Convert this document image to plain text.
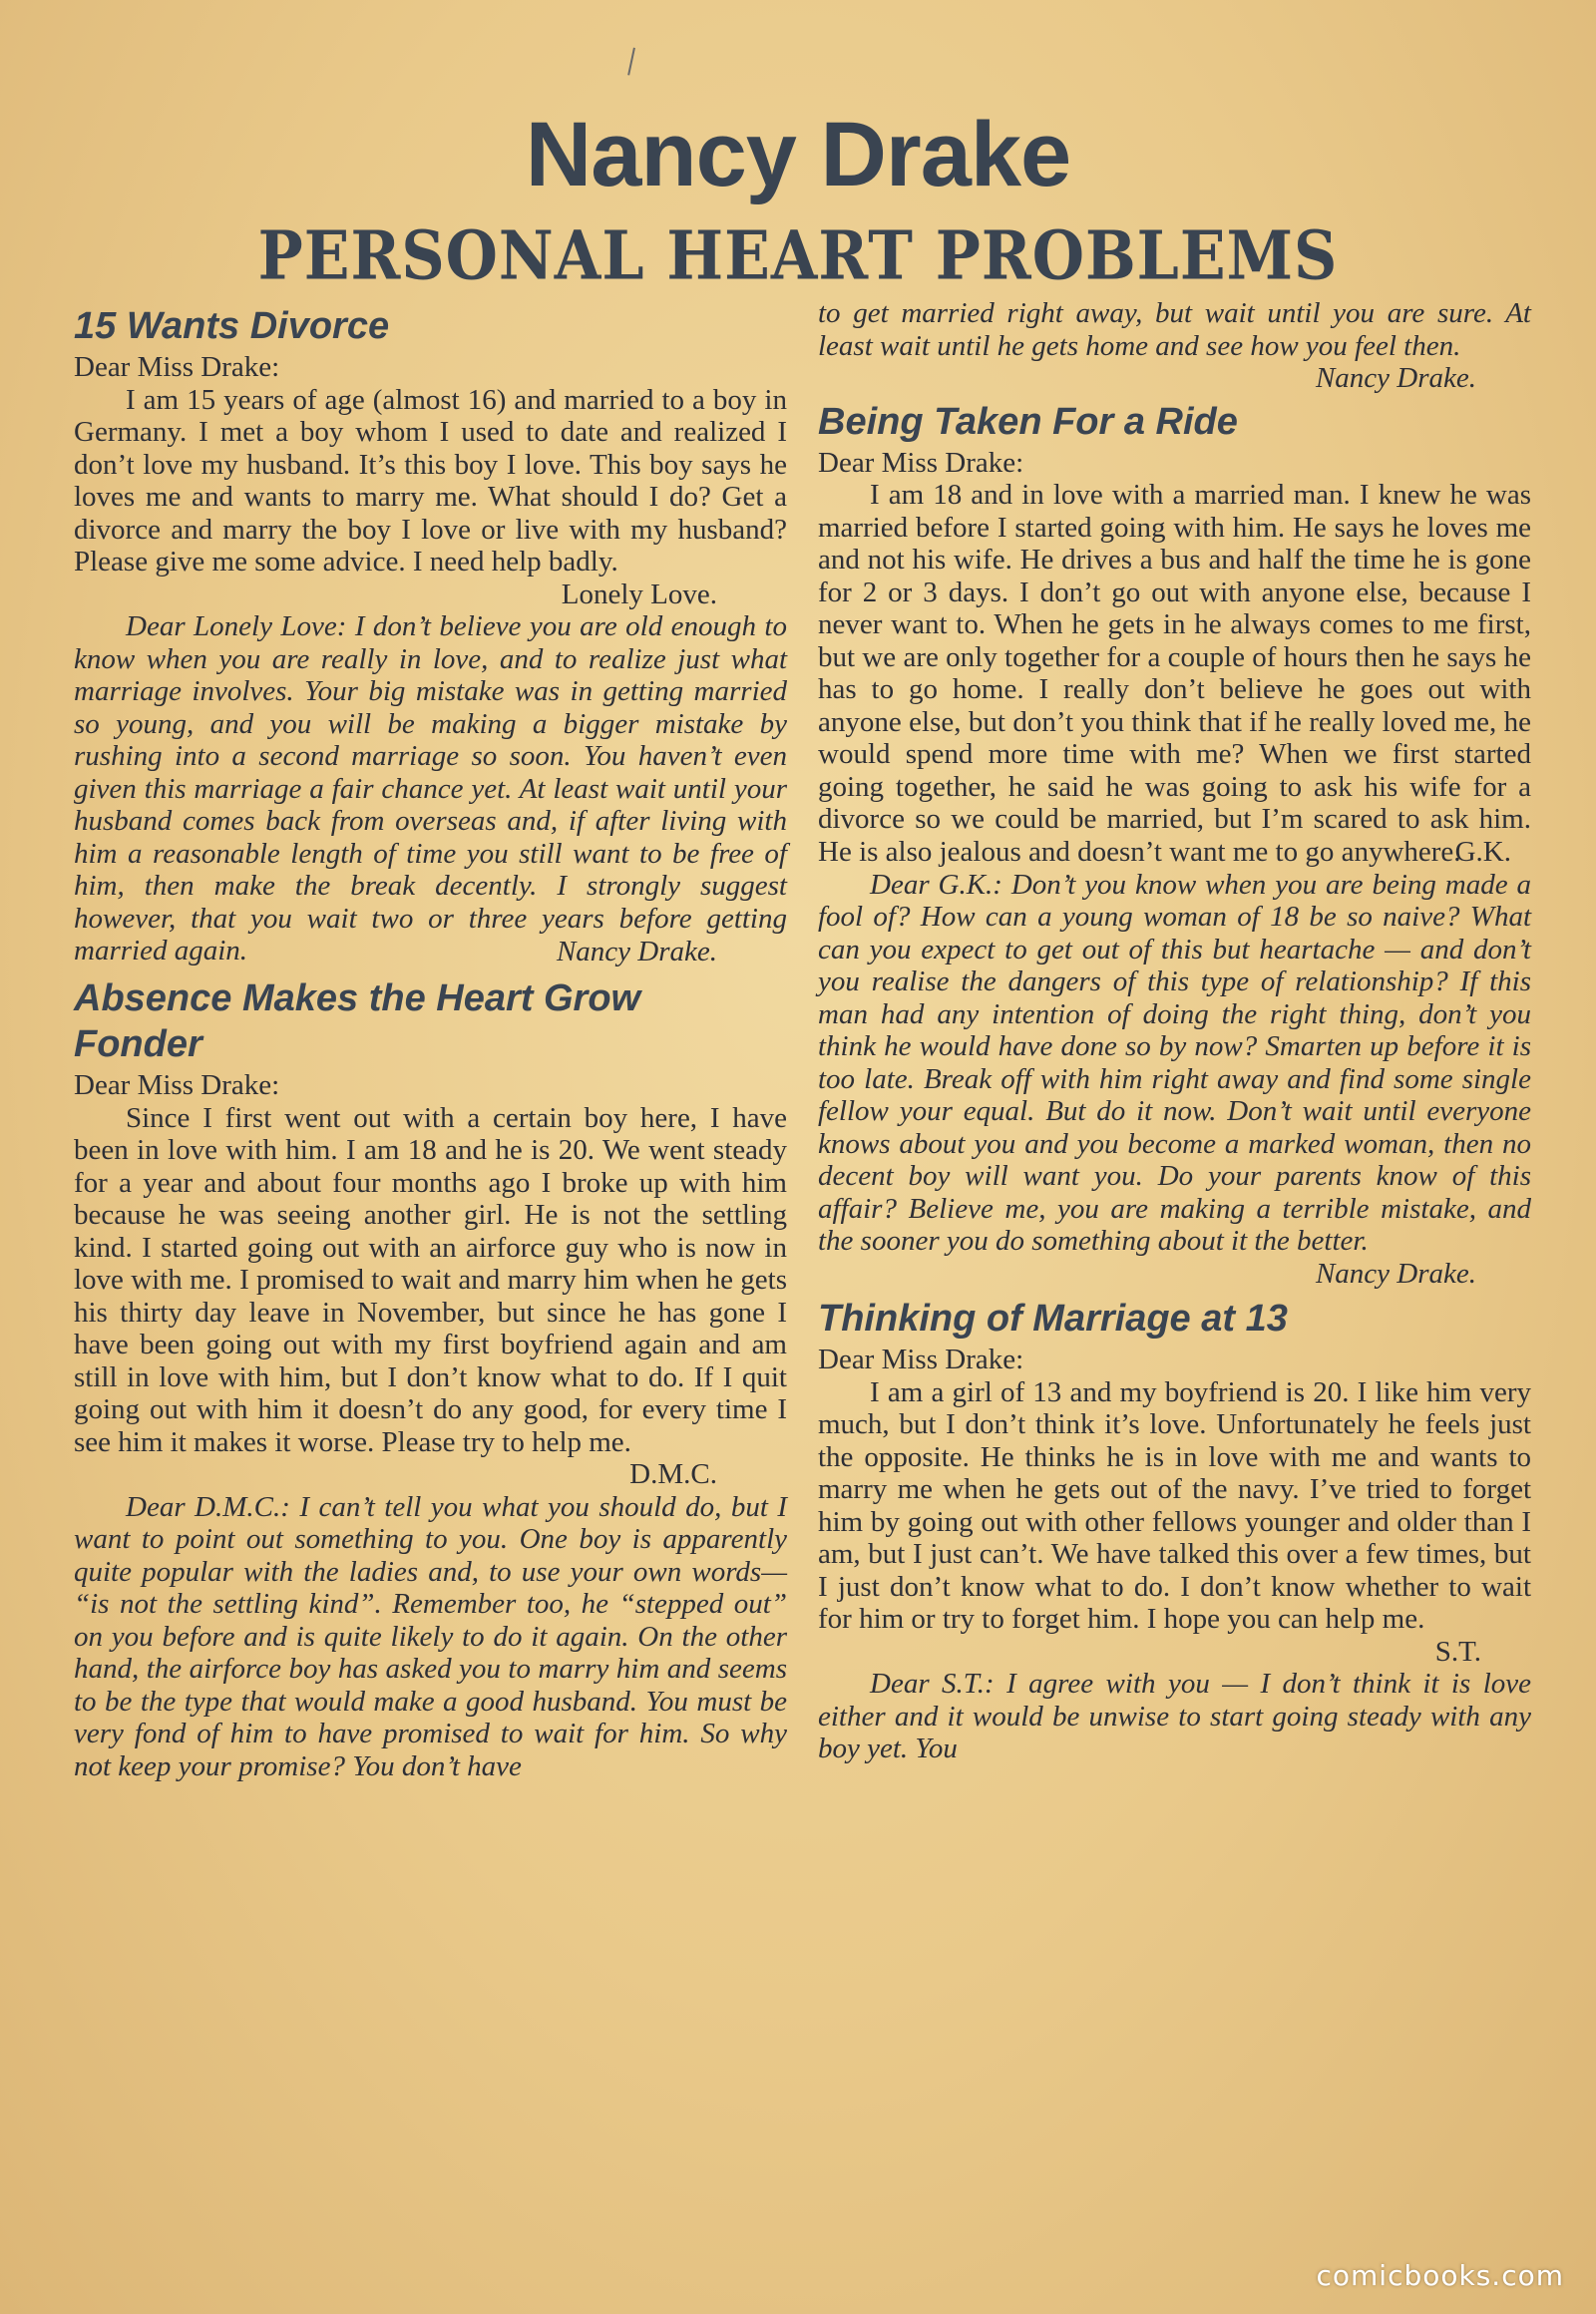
Nancy Drake
PERSONAL HEART PROBLEMS
15 Wants Divorce
Dear Miss Drake:

I am 15 years of age (almost 16) and married to a boy in Germany. I met a boy whom I used to date and realized I don’t love my husband. It’s this boy I love. This boy says he loves me and wants to marry me. What should I do? Get a divorce and marry the boy I love or live with my husband? Please give me some advice. I need help badly.

Lonely Love.

Dear Lonely Love: I don’t believe you are old enough to know when you are really in love, and to realize just what marriage involves. Your big mistake was in getting married so young, and you will be making a bigger mistake by rushing into a second marriage so soon. You haven’t even given this marriage a fair chance yet. At least wait until your husband comes back from overseas and, if after living with him a reasonable length of time you still want to be free of him, then make the break decently. I strongly suggest however, that you wait two or three years before getting married again.	Nancy Drake.
Absence Makes the Heart Grow Fonder
Dear Miss Drake:

Since I first went out with a certain boy here, I have been in love with him. I am 18 and he is 20. We went steady for a year and about four months ago I broke up with him because he was seeing another girl. He is not the settling kind. I started going out with an airforce guy who is now in love with me. I promised to wait and marry him when he gets his thirty day leave in November, but since he has gone I have been going out with my first boyfriend again and am still in love with him, but I don’t know what to do. If I quit going out with him it doesn’t do any good, for every time I see him it makes it worse. Please try to help me.

D.M.C.

Dear D.M.C.: I can’t tell you what you should do, but I want to point out something to you. One boy is apparently quite popular with the ladies and, to use your own words— “is not the settling kind”. Remember too, he “stepped out” on you before and is quite likely to do it again. On the other hand, the airforce boy has asked you to marry him and seems to be the type that would make a good husband. You must be very fond of him to have promised to wait for him. So why not keep your promise? You don’t have

to get married right away, but wait until you are sure. At least wait until he gets home and see how you feel then.

Nancy Drake.
Being Taken For a Ride
Dear Miss Drake:

I am 18 and in love with a married man. I knew he was married before I started going with him. He says he loves me and not his wife. He drives a bus and half the time he is gone for 2 or 3 days. I don’t go out with anyone else, because I never want to. When he gets in he always comes to me first, but we are only together for a couple of hours then he says he has to go home. I really don’t believe he goes out with anyone else, but don’t you think that if he really loved me, he would spend more time with me? When we first started going together, he said he was going to ask his wife for a divorce so we could be married, but I’m scared to ask him. He is also jealous and doesn’t want me to go anywhere.

G.K.

Dear G.K.: Don’t you know when you are being made a fool of? How can a young woman of 18 be so naive? What can you expect to get out of this but heartache — and don’t you realise the dangers of this type of relationship? If this man had any intention of doing the right thing, don’t you think he would have done so by now? Smarten up before it is too late. Break off with him right away and find some single fellow your equal. But do it now. Don’t wait until everyone knows about you and you become a marked woman, then no decent boy will want you. Do your parents know of this affair? Believe me, you are making a terrible mistake, and the sooner you do something about it the better.

Nancy Drake.
Thinking of Marriage at 13
Dear Miss Drake:

I am a girl of 13 and my boyfriend is 20. I like him very much, but I don’t think it’s love. Unfortunately he feels just the opposite. He thinks he is in love with me and wants to marry me when he gets out of the navy. I’ve tried to forget him by going out with other fellows younger and older than I am, but I just can’t. We have talked this over a few times, but I just don’t know what to do. I don’t know whether to wait for him or try to forget him. I hope you can help me.

S.T.

Dear S.T.: I agree with you — I don’t think it is love either and it would be unwise to start going steady with any boy yet. You

comicbooks.com
